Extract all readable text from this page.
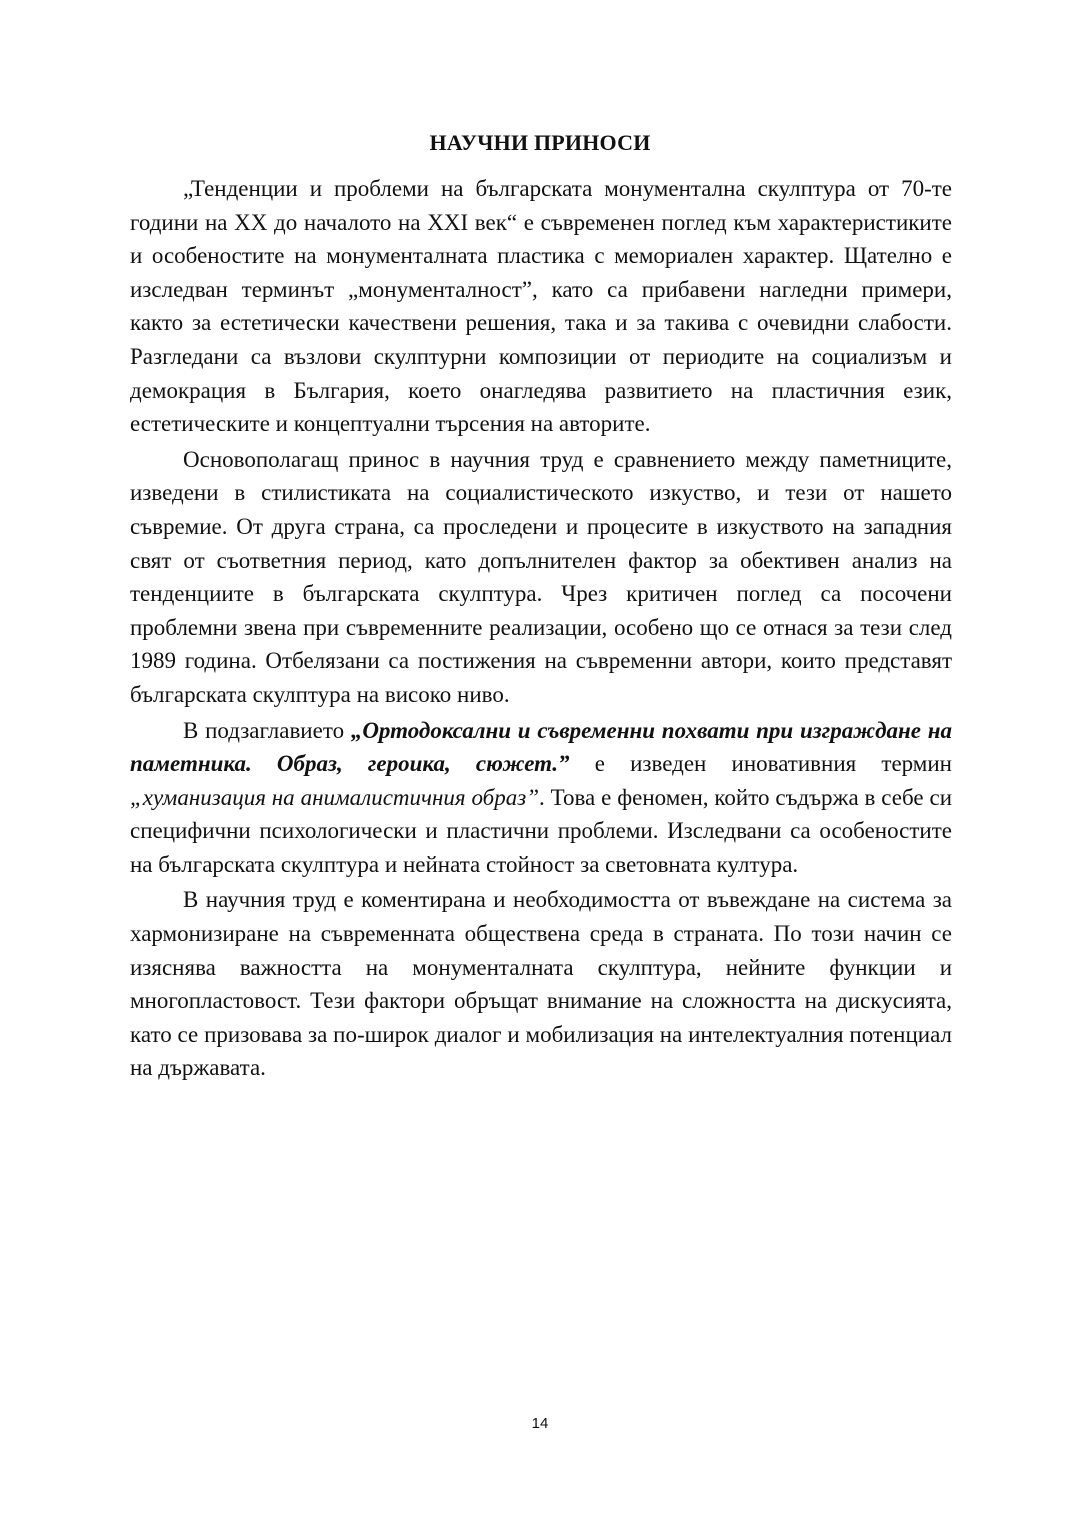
НАУЧНИ ПРИНОСИ

„Тенденции и проблеми на българската монументална скулптура от 70-те години на ХХ до началото на ХХІ век“ е съвременен поглед към характеристиките и особеностите на монументалната пластика с мемориален характер. Щателно е изследван терминът „монументалност”, като са прибавени нагледни примери, както за естетически качествени решения, така и за такива с очевидни слабости. Разгледани са възлови скулптурни композиции от периодите на социализъм и демокрация в България, което онагледява развитието на пластичния език, естетическите и концептуални търсения на авторите.

Основополагащ принос в научния труд е сравнението между паметниците, изведени в стилистиката на социалистическото изкуство, и тези от нашето съвремие. От друга страна, са проследени и процесите в изкуството на западния свят от съответния период, като допълнителен фактор за обективен анализ на тенденциите в българската скулптура. Чрез критичен поглед са посочени проблемни звена при съвременните реализации, особено що се отнася за тези след 1989 година. Отбелязани са постижения на съвременни автори, които представят българската скулптура на високо ниво.

В подзаглавието „Ортодоксални и съвременни похвати при изграждане на паметника. Образ, героика, сюжет.” е изведен иновативния термин „хуманизация на анималистичния образ”. Това е феномен, който съдържа в себе си специфични психологически и пластични проблеми. Изследвани са особеностите на българската скулптура и нейната стойност за световната култура.

В научния труд е коментирана и необходимостта от въвеждане на система за хармонизиране на съвременната обществена среда в страната. По този начин се изяснява важността на монументалната скулптура, нейните функции и многопластовост. Тези фактори обръщат внимание на сложността на дискусията, като се призовава за по-широк диалог и мобилизация на интелектуалния потенциал на държавата.

14
